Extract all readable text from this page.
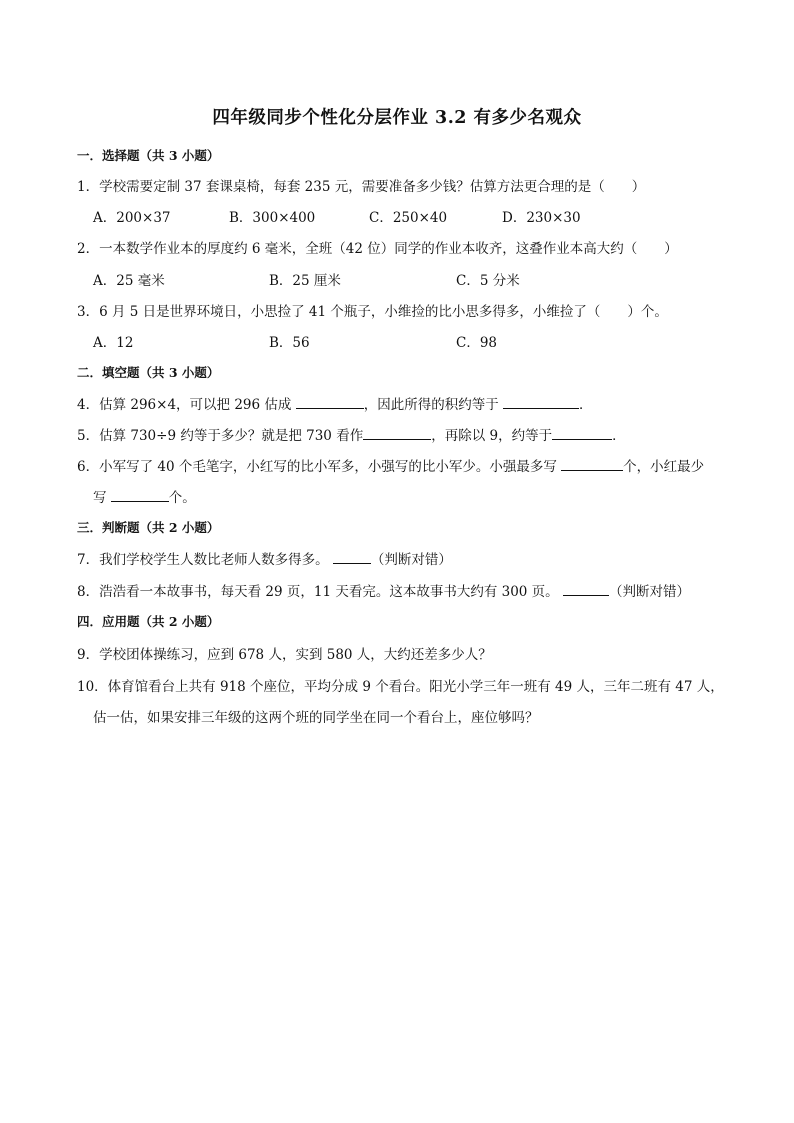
四年级同步个性化分层作业 3.2 有多少名观众
一．选择题（共 3 小题）
1．学校需要定制 37 套课桌椅，每套 235 元，需要准备多少钱？估算方法更合理的是（　　）
A．200×37	B．300×400	C．250×40	D．230×30
2．一本数学作业本的厚度约 6 毫米，全班（42 位）同学的作业本收齐，这叠作业本高大约（　　）
A．25 毫米	B．25 厘米	C．5 分米
3．6 月 5 日是世界环境日，小思捡了 41 个瓶子，小维捡的比小思多得多，小维捡了（　　）个。
A．12	B．56	C．98
二．填空题（共 3 小题）
4．估算 296×4，可以把 296 估成	，因此所得的积约等于	．
5．估算 730÷9 约等于多少？就是把 730 看作	，再除以 9，约等于	．
6．小军写了 40 个毛笔字，小红写的比小军多，小强写的比小军少。小强最多写	个，小红最少
写	个。
三．判断题（共 2 小题）
7．我们学校学生人数比老师人数多得多。	（判断对错）
8．浩浩看一本故事书，每天看 29 页，11 天看完。这本故事书大约有 300 页。	（判断对错）
四．应用题（共 2 小题）
9．学校团体操练习，应到 678 人，实到 580 人，大约还差多少人？
10．体育馆看台上共有 918 个座位，平均分成 9 个看台。阳光小学三年一班有 49 人，三年二班有 47 人，
估一估，如果安排三年级的这两个班的同学坐在同一个看台上，座位够吗？
